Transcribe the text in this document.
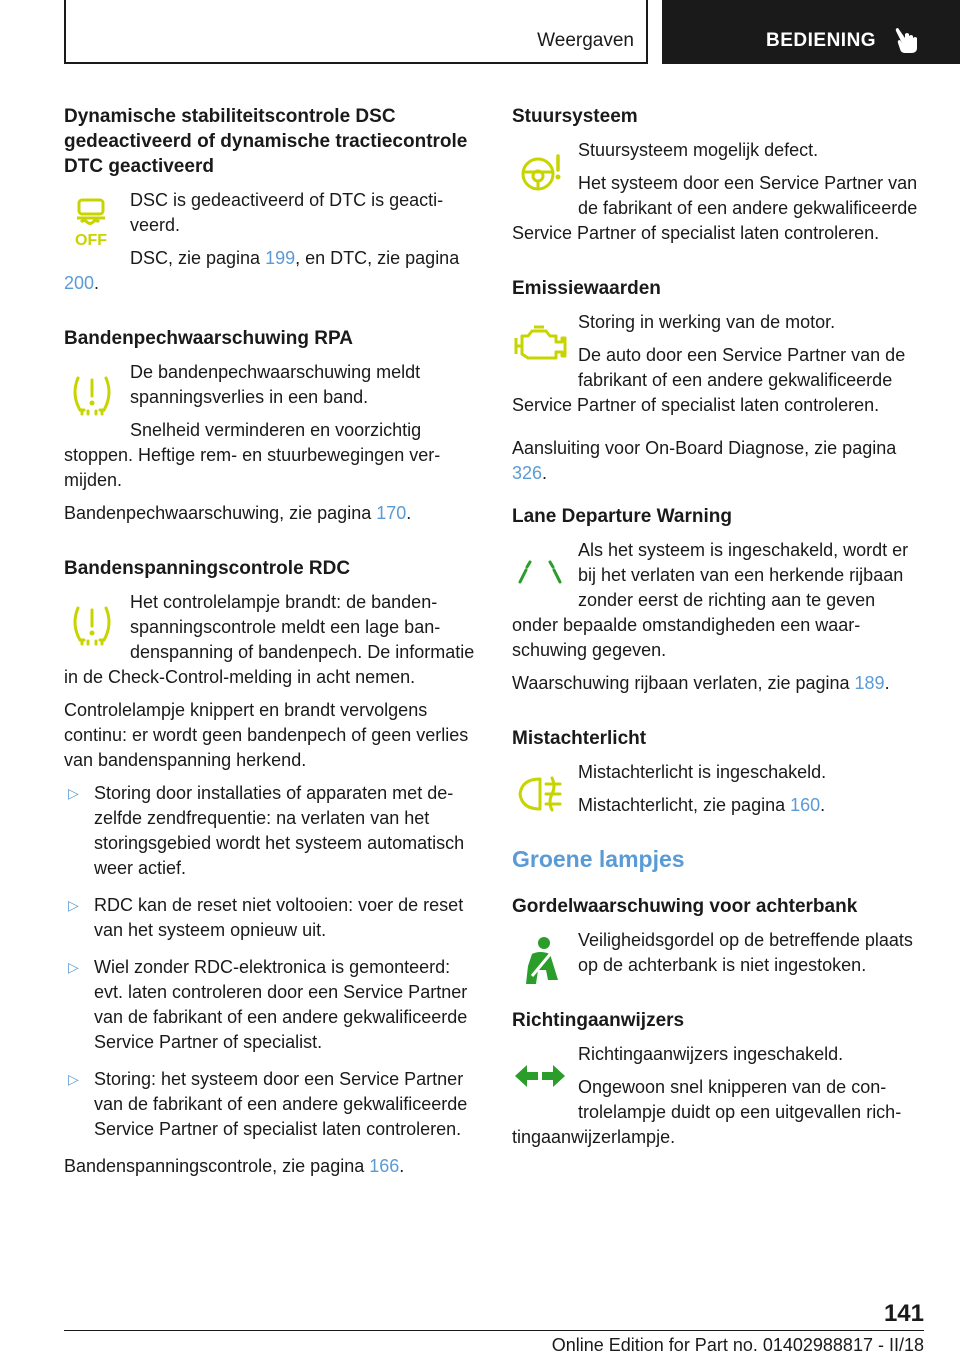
Weergaven	BEDIENING
Dynamische stabiliteitscontrole DSC gedeactiveerd of dynamische tractiecontrole DTC geactiveerd
OFF

DSC is gedeactiveerd of DTC is geactiveerd.

DSC, zie pagina 199, en DTC, zie pagina 200.

Bandenpechwaarschuwing RPA

De bandenpechwaarschuwing meldt spanningsverlies in een band.

Snelheid verminderen en voorzichtig stoppen. Heftige rem- en stuurbewegingen vermijden.

Bandenpechwaarschuwing, zie pagina 170.

Bandenspanningscontrole RDC

Het controlelampje brandt: de bandenspanningscontrole meldt een lage bandenspanning of bandenpech. De informatie in de Check-Control-melding in acht nemen.

Controlelampje knippert en brandt vervolgens continu: er wordt geen bandenpech of geen verlies van bandenspanning herkend.

▷ Storing door installaties of apparaten met dezelfde zendfrequentie: na verlaten van het storingsgebied wordt het systeem automatisch weer actief.
▷ RDC kan de reset niet voltooien: voer de reset van het systeem opnieuw uit.
▷ Wiel zonder RDC-elektronica is gemonteerd: evt. laten controleren door een Service Partner van de fabrikant of een andere gekwalificeerde Service Partner of specialist.
▷ Storing: het systeem door een Service Partner van de fabrikant of een andere gekwalificeerde Service Partner of specialist laten controleren.

Bandenspanningscontrole, zie pagina 166.

Stuursysteem

Stuursysteem mogelijk defect.

Het systeem door een Service Partner van de fabrikant of een andere gekwalificeerde Service Partner of specialist laten controleren.

Emissiewaarden

Storing in werking van de motor.

De auto door een Service Partner van de fabrikant of een andere gekwalificeerde Service Partner of specialist laten controleren.

Aansluiting voor On-Board Diagnose, zie pagina 326.

Lane Departure Warning

Als het systeem is ingeschakeld, wordt er bij het verlaten van een herkende rijbaan zonder eerst de richting aan te geven onder bepaalde omstandigheden een waarschuwing gegeven.

Waarschuwing rijbaan verlaten, zie pagina 189.

Mistachterlicht

Mistachterlicht is ingeschakeld.

Mistachterlicht, zie pagina 160.

Groene lampjes
Gordelwaarschuwing voor achterbank

Veiligheidsgordel op de betreffende plaats op de achterbank is niet ingestoken.

Richtingaanwijzers

Richtingaanwijzers ingeschakeld.

Ongewoon snel knipperen van de controlelampje duidt op een uitgevallen richtingaanwijzerlampje.

141
Online Edition for Part no. 01402988817 - II/18
